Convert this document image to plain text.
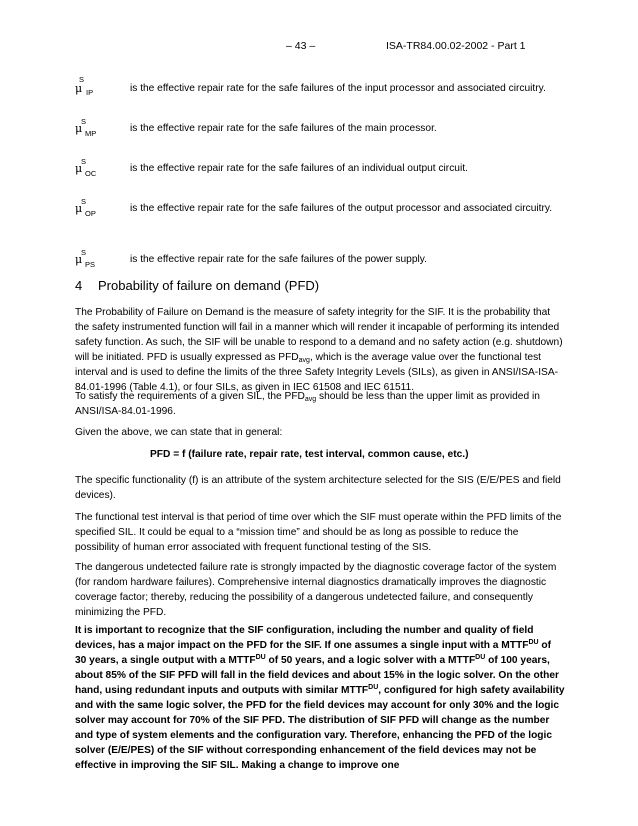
– 43 –	ISA-TR84.00.02-2002 - Part 1
μ
S
IP	is the effective repair rate for the safe failures of the input processor and associated circuitry.
μ
S
MP	is the effective repair rate for the safe failures of the main processor.
μ
S
OC	is the effective repair rate for the safe failures of an individual output circuit.
μ
S
OP	is the effective repair rate for the safe failures of the output processor and associated circuitry.
μ
S
PS	is the effective repair rate for the safe failures of the power supply.
4 Probability of failure on demand (PFD)
The Probability of Failure on Demand is the measure of safety integrity for the SIF. It is the probability that the safety instrumented function will fail in a manner which will render it incapable of performing its intended safety function. As such, the SIF will be unable to respond to a demand and no safety action (e.g. shutdown) will be initiated. PFD is usually expressed as $PFD_{avg}$, which is the average value over the functional test interval and is used to define the limits of the three Safety Integrity Levels (SILs), as given in ANSI/ISA-ISA-84.01-1996 (Table 4.1), or four SILs, as given in IEC 61508 and IEC 61511.
To satisfy the requirements of a given SIL, the $PFD_{avg}$ should be less than the upper limit as provided in ANSI/ISA-84.01-1996.
Given the above, we can state that in general:
PFD = f (failure rate, repair rate, test interval, common cause, etc.)
The specific functionality (f) is an attribute of the system architecture selected for the SIS (E/E/PES and field devices).
The functional test interval is that period of time over which the SIF must operate within the PFD limits of the specified SIL. It could be equal to a “mission time” and should be as long as possible to reduce the possibility of human error associated with frequent functional testing of the SIS.
The dangerous undetected failure rate is strongly impacted by the diagnostic coverage factor of the system (for random hardware failures). Comprehensive internal diagnostics dramatically improves the diagnostic coverage factor; thereby, reducing the possibility of a dangerous undetected failure, and consequently minimizing the PFD.
It is important to recognize that the SIF configuration, including the number and quality of field devices, has a major impact on the PFD for the SIF. If one assumes a single input with a $MTTF^{DU}$ of 30 years, a single output with a $MTTF^{DU}$ of 50 years, and a logic solver with a $MTTF^{DU}$ of 100 years, about 85% of the SIF PFD will fall in the field devices and about 15% in the logic solver. On the other hand, using redundant inputs and outputs with similar $MTTF^{DU}$, configured for high safety availability and with the same logic solver, the PFD for the field devices may account for only 30% and the logic solver may account for 70% of the SIF PFD. The distribution of SIF PFD will change as the number and type of system elements and the configuration vary. Therefore, enhancing the PFD of the logic solver (E/E/PES) of the SIF without corresponding enhancement of the field devices may not be effective in improving the SIF SIL. Making a change to improve one
